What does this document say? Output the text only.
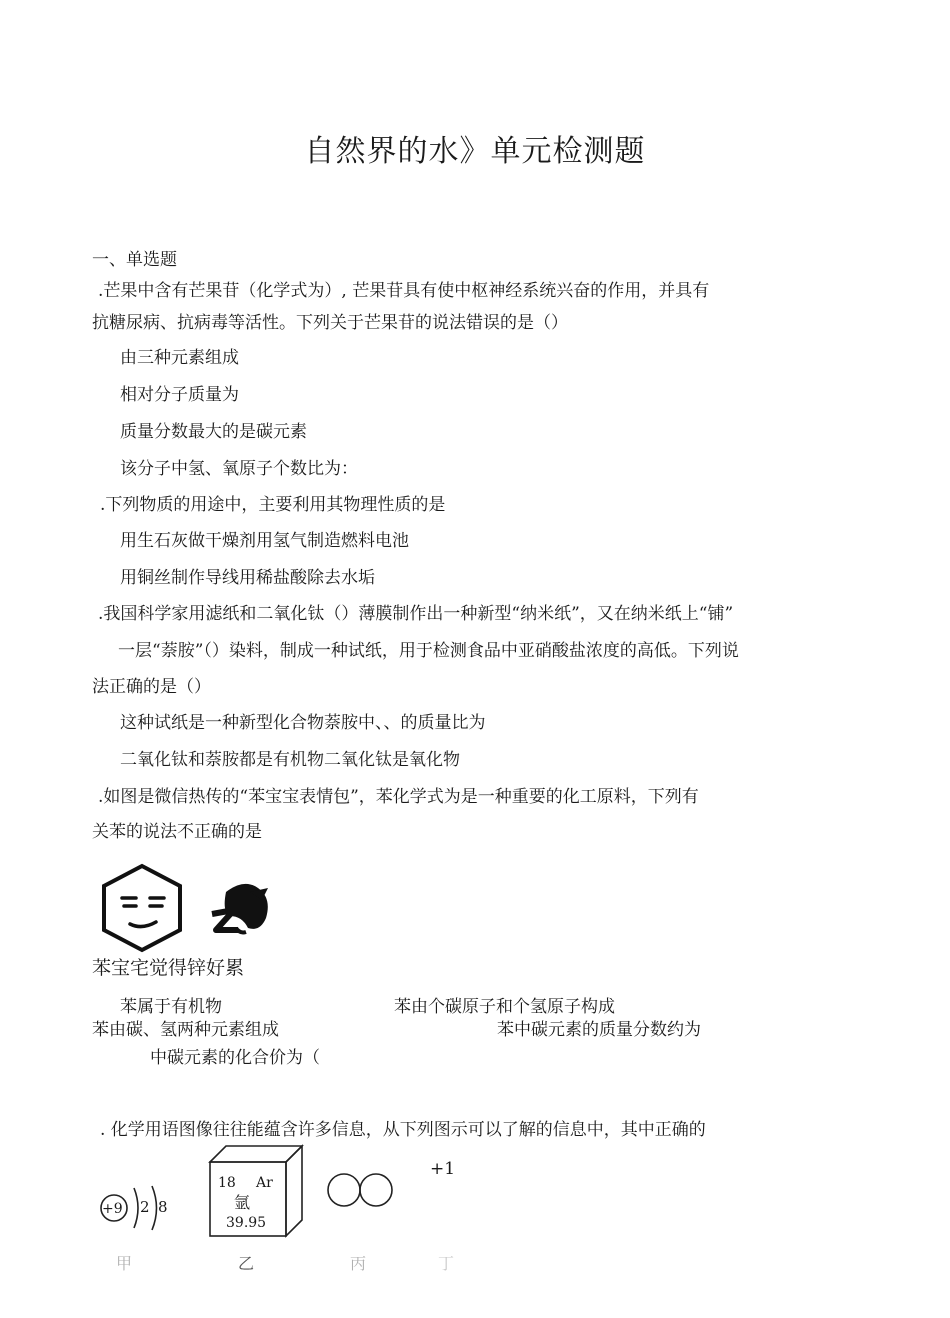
自然界的水》单元检测题
一、单选题
.芒果中含有芒果苷（化学式为）, 芒果苷具有使中枢神经系统兴奋的作用，并具有
抗糖尿病、抗病毒等活性。下列关于芒果苷的说法错误的是（）
由三种元素组成
相对分子质量为
质量分数最大的是碳元素
该分子中氢、氧原子个数比为：
.下列物质的用途中，主要利用其物理性质的是
用生石灰做干燥剂用氢气制造燃料电池
用铜丝制作导线用稀盐酸除去水垢
.我国科学家用滤纸和二氧化钛（）薄膜制作出一种新型“纳米纸”，又在纳米纸上“铺”
一层“萘胺”（）染料，制成一种试纸，用于检测食品中亚硝酸盐浓度的高低。下列说
法正确的是（）
这种试纸是一种新型化合物萘胺中、、的质量比为
二氧化钛和萘胺都是有机物二氧化钛是氧化物
.如图是微信热传的“苯宝宝表情包”，苯化学式为是一种重要的化工原料，下列有
关苯的说法不正确的是
苯宝宅觉得锌好累
苯属于有机物	苯由个碳原子和个氢原子构成
苯由碳、氢两种元素组成	苯中碳元素的质量分数约为
中碳元素的化合价为（
. 化学用语图像往往能蕴含许多信息，从下列图示可以了解的信息中，其中正确的
+9 2 8
甲
18 Ar
氩
39.95
乙	丙
+1
丁
